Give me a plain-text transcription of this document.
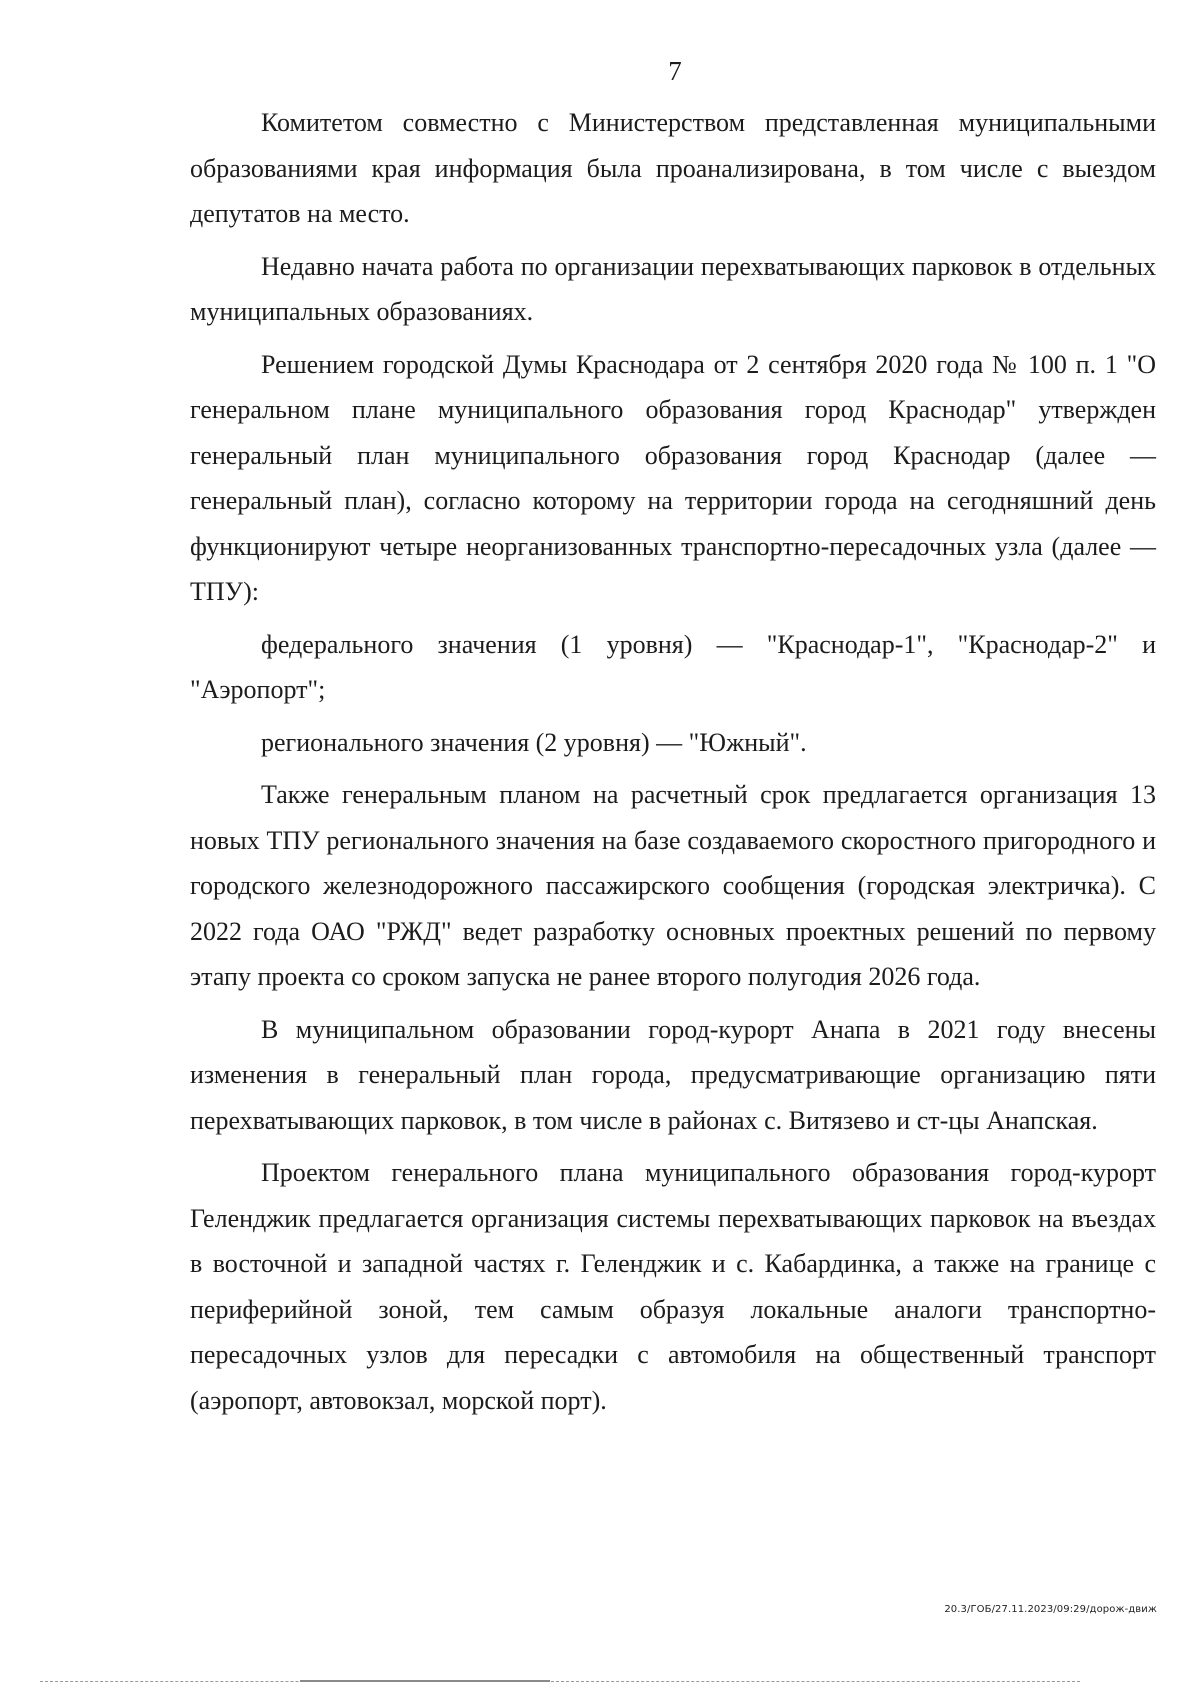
7

Комитетом совместно с Министерством представленная муниципальными образованиями края информация была проанализирована, в том числе с выездом депутатов на место.

Недавно начата работа по организации перехватывающих парковок в отдельных муниципальных образованиях.

Решением городской Думы Краснодара от 2 сентября 2020 года № 100 п. 1 "О генеральном плане муниципального образования город Краснодар" утвержден генеральный план муниципального образования город Краснодар (далее — генеральный план), согласно которому на территории города на сегодняшний день функционируют четыре неорганизованных транспортно-пересадочных узла (далее — ТПУ):

федерального значения (1 уровня) — "Краснодар-1", "Краснодар-2" и "Аэропорт";

регионального значения (2 уровня) — "Южный".

Также генеральным планом на расчетный срок предлагается организация 13 новых ТПУ регионального значения на базе создаваемого скоростного пригородного и городского железнодорожного пассажирского сообщения (городская электричка). С 2022 года ОАО "РЖД" ведет разработку основных проектных решений по первому этапу проекта со сроком запуска не ранее второго полугодия 2026 года.

В муниципальном образовании город-курорт Анапа в 2021 году внесены изменения в генеральный план города, предусматривающие организацию пяти перехватывающих парковок, в том числе в районах с. Витязево и ст-цы Анапская.

Проектом генерального плана муниципального образования город-курорт Геленджик предлагается организация системы перехватывающих парковок на въездах в восточной и западной частях г. Геленджик и с. Кабардинка, а также на границе с периферийной зоной, тем самым образуя локальные аналоги транспортно-пересадочных узлов для пересадки с автомобиля на общественный транспорт (аэропорт, автовокзал, морской порт).

20.3/ГОБ/27.11.2023/09:29/дорож-движ
